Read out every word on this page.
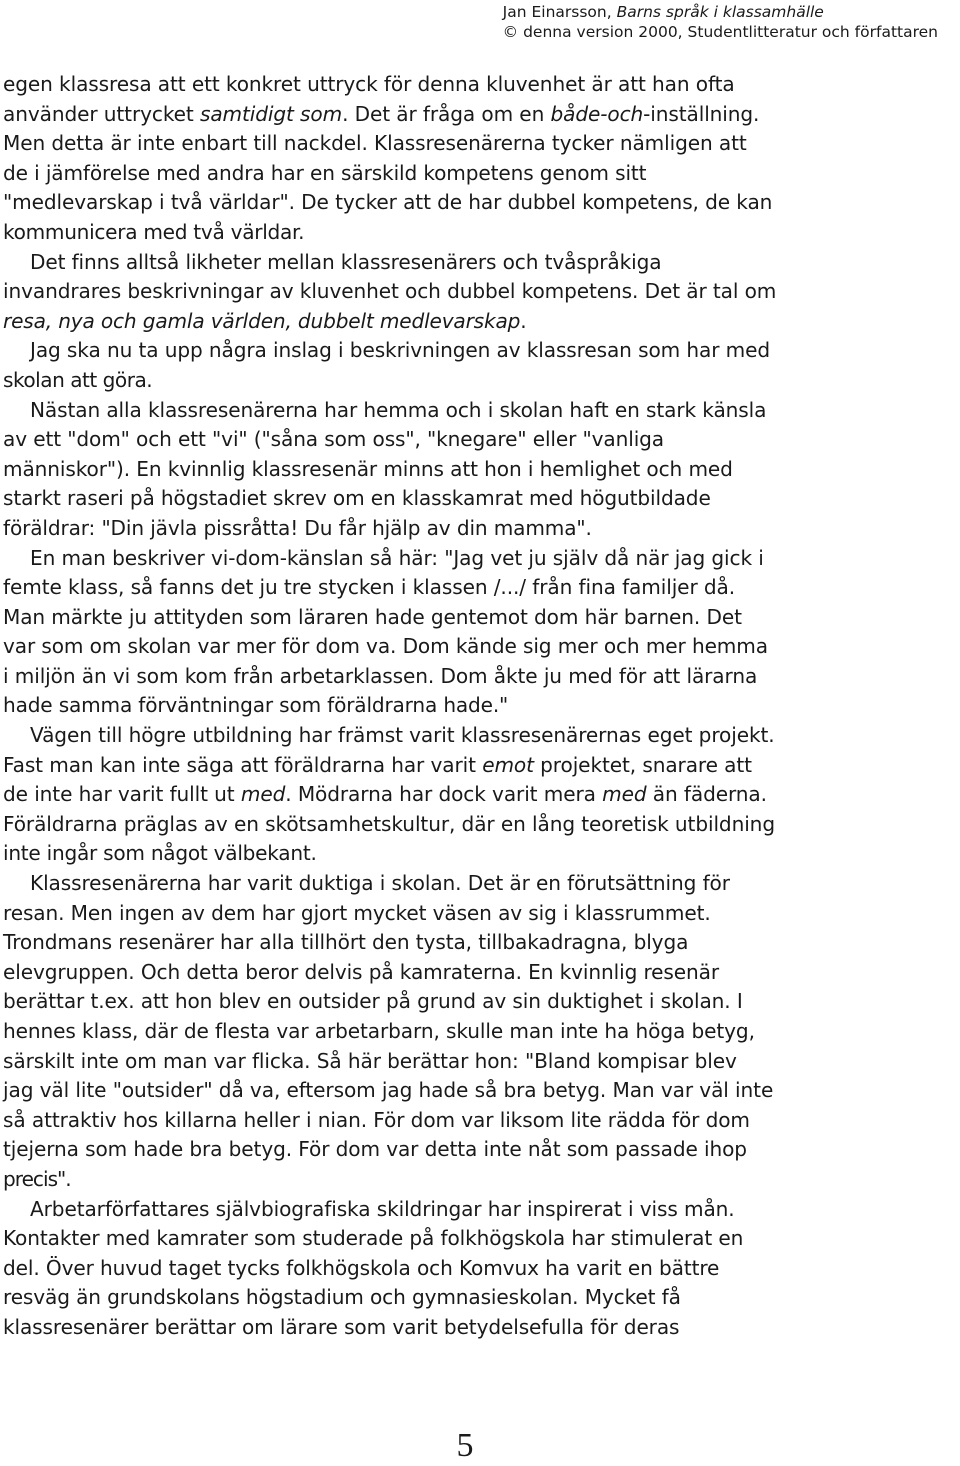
Jan Einarsson, Barns språk i klassamhälle
© denna version 2000, Studentlitteratur och författaren

egen klassresa att ett konkret uttryck för denna kluvenhet är att han ofta
använder uttrycket samtidigt som. Det är fråga om en både-och-inställning.
Men detta är inte enbart till nackdel. Klassresenärerna tycker nämligen att
de i jämförelse med andra har en särskild kompetens genom sitt
"medlevarskap i två världar". De tycker att de har dubbel kompetens, de kan
kommunicera med två världar.

Det finns alltså likheter mellan klassresenärers och tvåspråkiga
invandrares beskrivningar av kluvenhet och dubbel kompetens. Det är tal om
resa, nya och gamla världen, dubbelt medlevarskap.

Jag ska nu ta upp några inslag i beskrivningen av klassresan som har med
skolan att göra.

Nästan alla klassresenärerna har hemma och i skolan haft en stark känsla
av ett "dom" och ett "vi" ("såna som oss", "knegare" eller "vanliga
människor"). En kvinnlig klassresenär minns att hon i hemlighet och med
starkt raseri på högstadiet skrev om en klasskamrat med högutbildade
föräldrar: "Din jävla pissråtta! Du får hjälp av din mamma".

En man beskriver vi-dom-känslan så här: "Jag vet ju själv då när jag gick i
femte klass, så fanns det ju tre stycken i klassen /.../ från fina familjer då.
Man märkte ju attityden som läraren hade gentemot dom här barnen. Det
var som om skolan var mer för dom va. Dom kände sig mer och mer hemma
i miljön än vi som kom från arbetarklassen. Dom åkte ju med för att lärarna
hade samma förväntningar som föräldrarna hade."

Vägen till högre utbildning har främst varit klassresenärernas eget projekt.
Fast man kan inte säga att föräldrarna har varit emot projektet, snarare att
de inte har varit fullt ut med. Mödrarna har dock varit mera med än fäderna.
Föräldrarna präglas av en skötsamhetskultur, där en lång teoretisk utbildning
inte ingår som något välbekant.

Klassresenärerna har varit duktiga i skolan. Det är en förutsättning för
resan. Men ingen av dem har gjort mycket väsen av sig i klassrummet.
Trondmans resenärer har alla tillhört den tysta, tillbakadragna, blyga
elevgruppen. Och detta beror delvis på kamraterna. En kvinnlig resenär
berättar t.ex. att hon blev en outsider på grund av sin duktighet i skolan. I
hennes klass, där de flesta var arbetarbarn, skulle man inte ha höga betyg,
särskilt inte om man var flicka. Så här berättar hon: "Bland kompisar blev
jag väl lite "outsider" då va, eftersom jag hade så bra betyg. Man var väl inte
så attraktiv hos killarna heller i nian. För dom var liksom lite rädda för dom
tjejerna som hade bra betyg. För dom var detta inte nåt som passade ihop
precis".

Arbetarförfattares självbiografiska skildringar har inspirerat i viss mån.
Kontakter med kamrater som studerade på folkhögskola har stimulerat en
del. Över huvud taget tycks folkhögskola och Komvux ha varit en bättre
resväg än grundskolans högstadium och gymnasieskolan. Mycket få
klassresenärer berättar om lärare som varit betydelsefulla för deras

5
